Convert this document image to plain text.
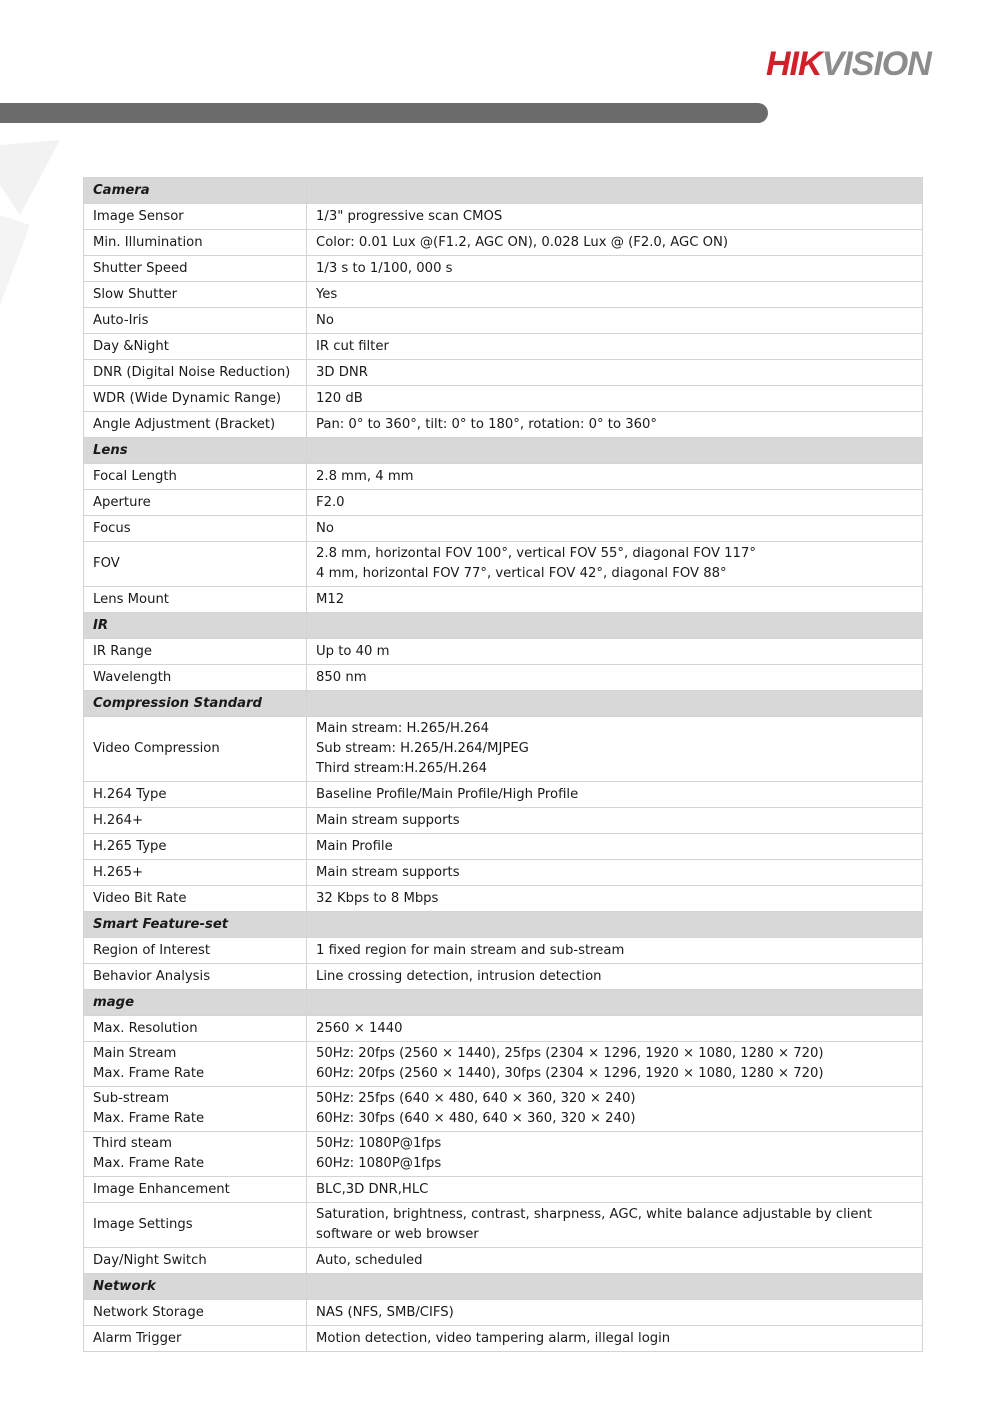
HIKVISION
Camera	

Image Sensor	1/3" progressive scan CMOS

Min. Illumination	Color: 0.01 Lux @(F1.2, AGC ON), 0.028 Lux @ (F2.0, AGC ON)

Shutter Speed	1/3 s to 1/100, 000 s

Slow Shutter	Yes

Auto-Iris	No

Day &Night	IR cut filter

DNR (Digital Noise Reduction)	3D DNR

WDR (Wide Dynamic Range)	120 dB

Angle Adjustment (Bracket)	Pan: 0° to 360°, tilt: 0° to 180°, rotation: 0° to 360°

Lens	

Focal Length	2.8 mm, 4 mm

Aperture	F2.0

Focus	No

FOV	2.8 mm, horizontal FOV 100°, vertical FOV 55°, diagonal FOV 117°
4 mm, horizontal FOV 77°, vertical FOV 42°, diagonal FOV 88°

Lens Mount	M12

IR	

IR Range	Up to 40 m

Wavelength	850 nm

Compression Standard	

Video Compression	Main stream: H.265/H.264
Sub stream: H.265/H.264/MJPEG
Third stream:H.265/H.264

H.264 Type	Baseline Profile/Main Profile/High Profile

H.264+	Main stream supports

H.265 Type	Main Profile

H.265+	Main stream supports

Video Bit Rate	32 Kbps to 8 Mbps

Smart Feature-set	

Region of Interest	1 fixed region for main stream and sub-stream

Behavior Analysis	Line crossing detection, intrusion detection

mage	

Max. Resolution	2560 × 1440

Main Stream
Max. Frame Rate	50Hz: 20fps (2560 × 1440), 25fps (2304 × 1296, 1920 × 1080, 1280 × 720)
60Hz: 20fps (2560 × 1440), 30fps (2304 × 1296, 1920 × 1080, 1280 × 720)

Sub-stream
Max. Frame Rate	50Hz: 25fps (640 × 480, 640 × 360, 320 × 240)
60Hz: 30fps (640 × 480, 640 × 360, 320 × 240)

Third steam
Max. Frame Rate	50Hz: 1080P@1fps
60Hz: 1080P@1fps

Image Enhancement	BLC,3D DNR,HLC

Image Settings	Saturation, brightness, contrast, sharpness, AGC, white balance adjustable by client software or web browser

Day/Night Switch	Auto, scheduled

Network	

Network Storage	NAS (NFS, SMB/CIFS)

Alarm Trigger	Motion detection, video tampering alarm, illegal login
